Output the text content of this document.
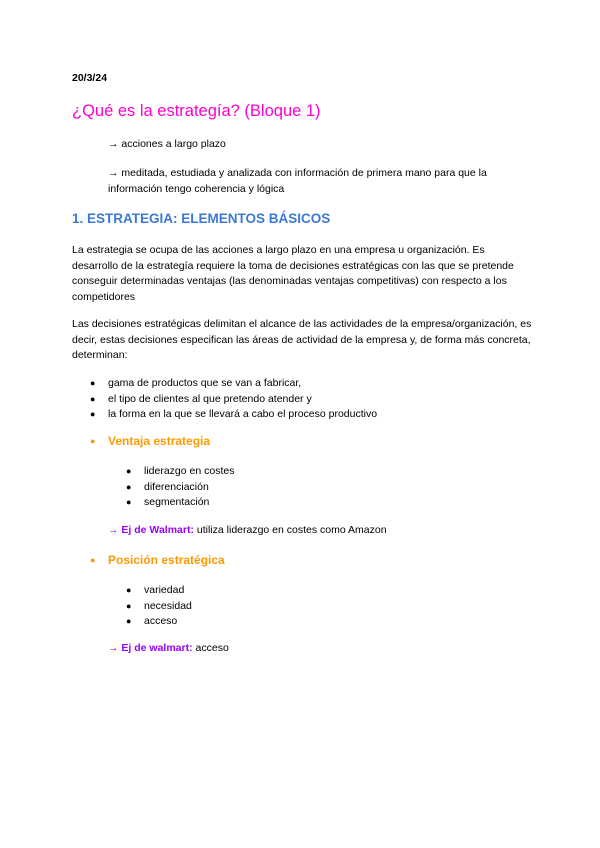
20/3/24
¿Qué es la estrategía? (Bloque 1)
→ acciones a largo plazo
→ meditada, estudiada y analizada con información de primera mano para que la información tengo coherencia y lógica
1. ESTRATEGIA: ELEMENTOS BÁSICOS
La estrategia se ocupa de las acciones a largo plazo en una empresa u organización. Es desarrollo de la estrategía requiere la toma de decisiones estratégicas con las que se pretende conseguir determinadas ventajas (las denominadas ventajas competitivas) con respecto a los competidores
Las decisiones estratégicas delimitan el alcance de las actividades de la empresa/organización, es decir, estas decisiones especifican las áreas de actividad de la empresa y, de forma más concreta, determinan:
● gama de productos que se van a fabricar,
● el tipo de clientes al que pretendo atender y
● la forma en la que se llevará a cabo el proceso productivo
● Ventaja estrategia
● liderazgo en costes
● diferenciación
● segmentación
→ Ej de Walmart: utiliza liderazgo en costes como Amazon
● Posición estratégica
● variedad
● necesidad
● acceso
→ Ej de walmart: acceso
